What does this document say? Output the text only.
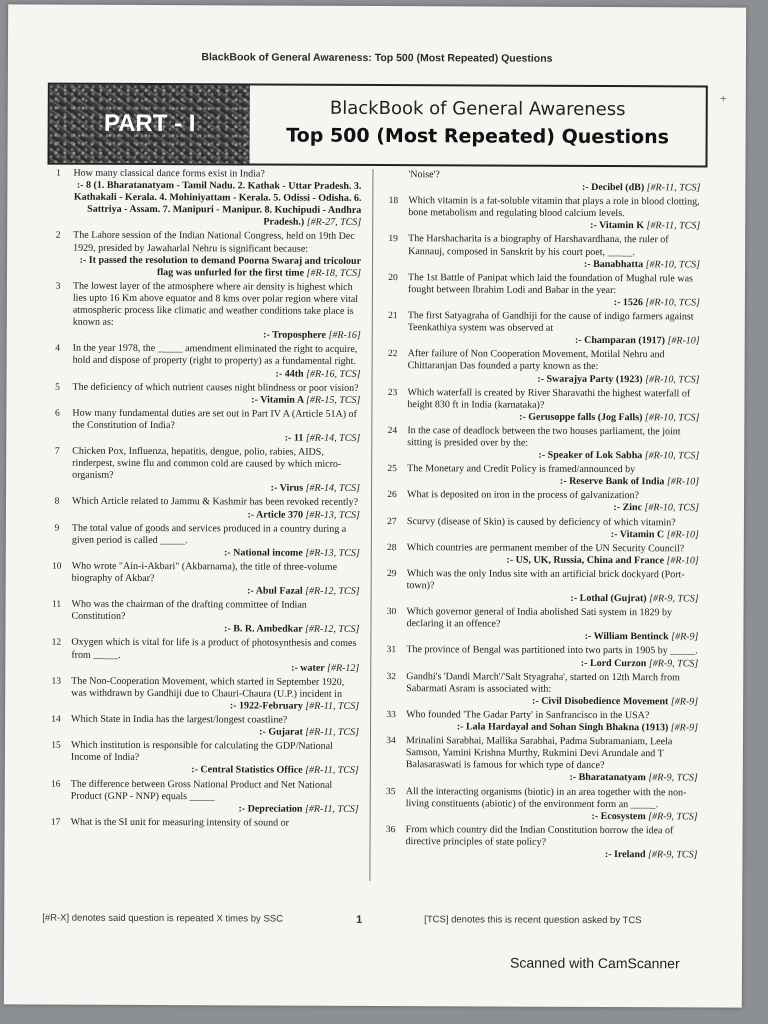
+
BlackBook of General Awareness: Top 500 (Most Repeated) Questions
PART - I
BlackBook of General Awareness
Top 500 (Most Repeated) Questions
1	How many classical dance forms exist in India?
:- 8 (1. Bharatanatyam - Tamil Nadu. 2. Kathak - Uttar Pradesh. 3. Kathakali - Kerala. 4. Mohiniyattam - Kerala. 5. Odissi - Odisha. 6. Sattriya - Assam. 7. Manipuri - Manipur. 8. Kuchipudi - Andhra Pradesh.) [#R-27, TCS]
2	The Lahore session of the Indian National Congress, held on 19th Dec 1929, presided by Jawaharlal Nehru is significant because:
:- It passed the resolution to demand Poorna Swaraj and tricolour flag was unfurled for the first time [#R-18, TCS]
3	The lowest layer of the atmosphere where air density is highest which lies upto 16 Km above equator and 8 kms over polar region where vital atmospheric process like climatic and weather conditions take place is known as:
:- Troposphere [#R-16]
4	In the year 1978, the _____ amendment eliminated the right to acquire, hold and dispose of property (right to property) as a fundamental right.
:- 44th [#R-16, TCS]
5	The deficiency of which nutrient causes night blindness or poor vision?
:- Vitamin A [#R-15, TCS]
6	How many fundamental duties are set out in Part IV A (Article 51A) of the Constitution of India?
:- 11 [#R-14, TCS]
7	Chicken Pox, Influenza, hepatitis, dengue, polio, rabies, AIDS, rinderpest, swine flu and common cold are caused by which micro-organism?
:- Virus [#R-14, TCS]
8	Which Article related to Jammu & Kashmir has been revoked recently?
:- Article 370 [#R-13, TCS]
9	The total value of goods and services produced in a country during a given period is called _____.
:- National income [#R-13, TCS]
10	Who wrote "Ain-i-Akbari" (Akbarnama), the title of three-volume biography of Akbar?
:- Abul Fazal [#R-12, TCS]
11	Who was the chairman of the drafting committee of Indian Constitution?
:- B. R. Ambedkar [#R-12, TCS]
12	Oxygen which is vital for life is a product of photosynthesis and comes from _____.
:- water [#R-12]
13	The Non-Cooperation Movement, which started in September 1920, was withdrawn by Gandhiji due to Chauri-Chaura (U.P.) incident in
:- 1922-February [#R-11, TCS]
14	Which State in India has the largest/longest coastline?
:- Gujarat [#R-11, TCS]
15	Which institution is responsible for calculating the GDP/National Income of India?
:- Central Statistics Office [#R-11, TCS]
16	The difference between Gross National Product and Net National Product (GNP - NNP) equals _____
:- Depreciation [#R-11, TCS]
17	What is the SI unit for measuring intensity of sound or
'Noise'?
:- Decibel (dB) [#R-11, TCS]
18	Which vitamin is a fat-soluble vitamin that plays a role in blood clotting, bone metabolism and regulating blood calcium levels.
:- Vitamin K [#R-11, TCS]
19	The Harshacharita is a biography of Harshavardhana, the ruler of Kannauj, composed in Sanskrit by his court poet, _____.
:- Banabhatta [#R-10, TCS]
20	The 1st Battle of Panipat which laid the foundation of Mughal rule was fought between Ibrahim Lodi and Babar in the year:
:- 1526 [#R-10, TCS]
21	The first Satyagraha of Gandhiji for the cause of indigo farmers against Teenkathiya system was observed at
:- Champaran (1917) [#R-10]
22	After failure of Non Cooperation Movement, Motilal Nehru and Chittaranjan Das founded a party known as the:
:- Swarajya Party (1923) [#R-10, TCS]
23	Which waterfall is created by River Sharavathi the highest waterfall of height 830 ft in India (karnataka)?
:- Gerusoppe falls (Jog Falls) [#R-10, TCS]
24	In the case of deadlock between the two houses parliament, the joint sitting is presided over by the:
:- Speaker of Lok Sabha [#R-10, TCS]
25	The Monetary and Credit Policy is framed/announced by
:- Reserve Bank of India [#R-10]
26	What is deposited on iron in the process of galvanization?
:- Zinc [#R-10, TCS]
27	Scurvy (disease of Skin) is caused by deficiency of which vitamin?
:- Vitamin C [#R-10]
28	Which countries are permanent member of the UN Security Council?
:- US, UK, Russia, China and France [#R-10]
29	Which was the only Indus site with an artificial brick dockyard (Port-town)?
:- Lothal (Gujrat) [#R-9, TCS]
30	Which governor general of India abolished Sati system in 1829 by declaring it an offence?
:- William Bentinck [#R-9]
31	The province of Bengal was partitioned into two parts in 1905 by _____.
:- Lord Curzon [#R-9, TCS]
32	Gandhi's 'Dandi March'/'Salt Styagraha', started on 12th March from Sabarmati Asram is associated with:
:- Civil Disobedience Movement [#R-9]
33	Who founded 'The Gadar Party' in Sanfrancisco in the USA?
:- Lala Hardayal and Sohan Singh Bhakna (1913) [#R-9]
34	Mrinalini Sarabhai, Mallika Sarabhai, Padma Subramaniam, Leela Samson, Yamini Krishna Murthy, Rukmini Devi Arundale and T Balasaraswati is famous for which type of dance?
:- Bharatanatyam [#R-9, TCS]
35	All the interacting organisms (biotic) in an area together with the non-living constituents (abiotic) of the environment form an _____.
:- Ecosystem [#R-9, TCS]
36	From which country did the Indian Constitution borrow the idea of directive principles of state policy?
:- Ireland [#R-9, TCS]
[#R-X] denotes said question is repeated X times by SSC	1	[TCS] denotes this is recent question asked by TCS
Scanned with CamScanner
